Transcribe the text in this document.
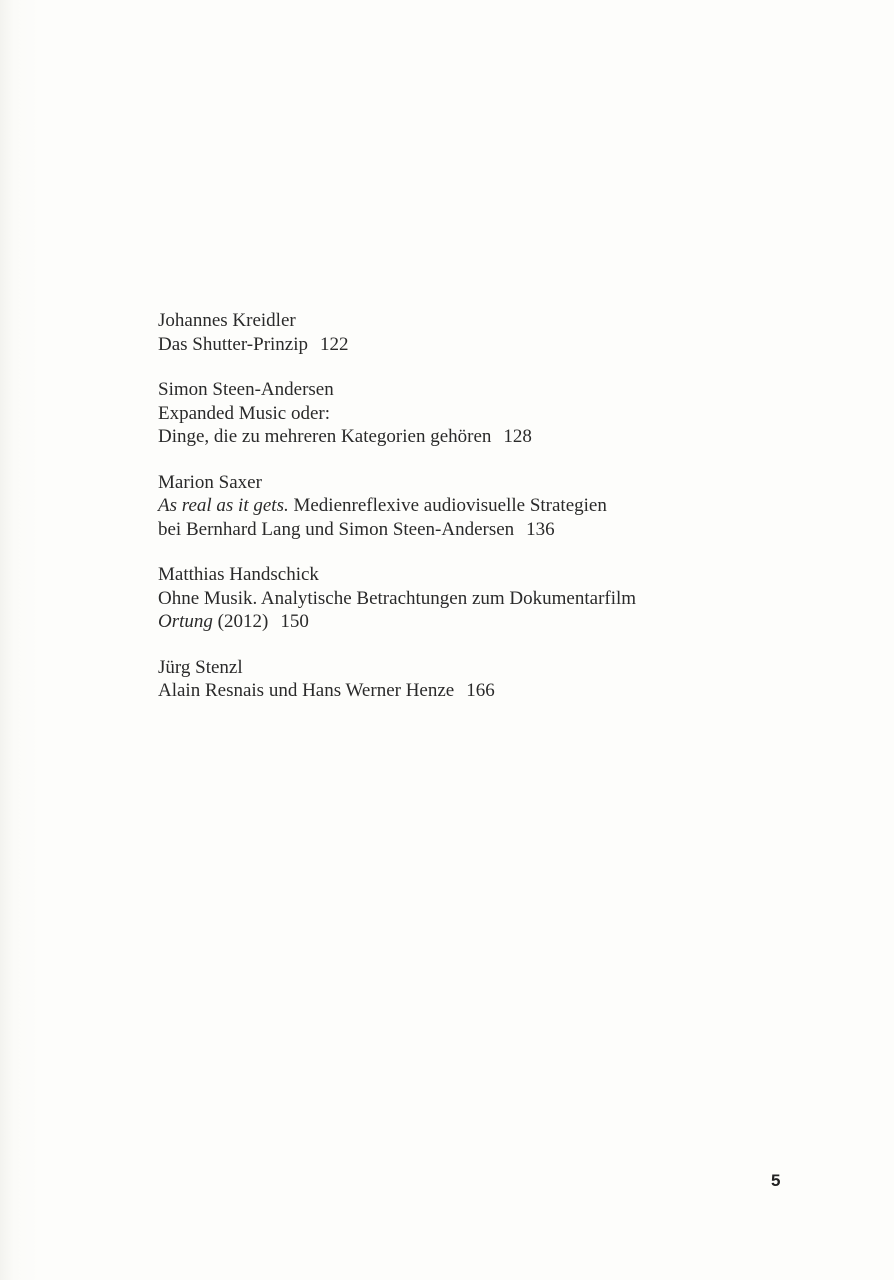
Johannes Kreidler
Das Shutter-Prinzip 122
Simon Steen-Andersen
Expanded Music oder:
Dinge, die zu mehreren Kategorien gehören 128
Marion Saxer
As real as it gets. Medienreflexive audiovisuelle Strategien
bei Bernhard Lang und Simon Steen-Andersen 136
Matthias Handschick
Ohne Musik. Analytische Betrachtungen zum Dokumentarfilm
Ortung (2012) 150
Jürg Stenzl
Alain Resnais und Hans Werner Henze 166
5
